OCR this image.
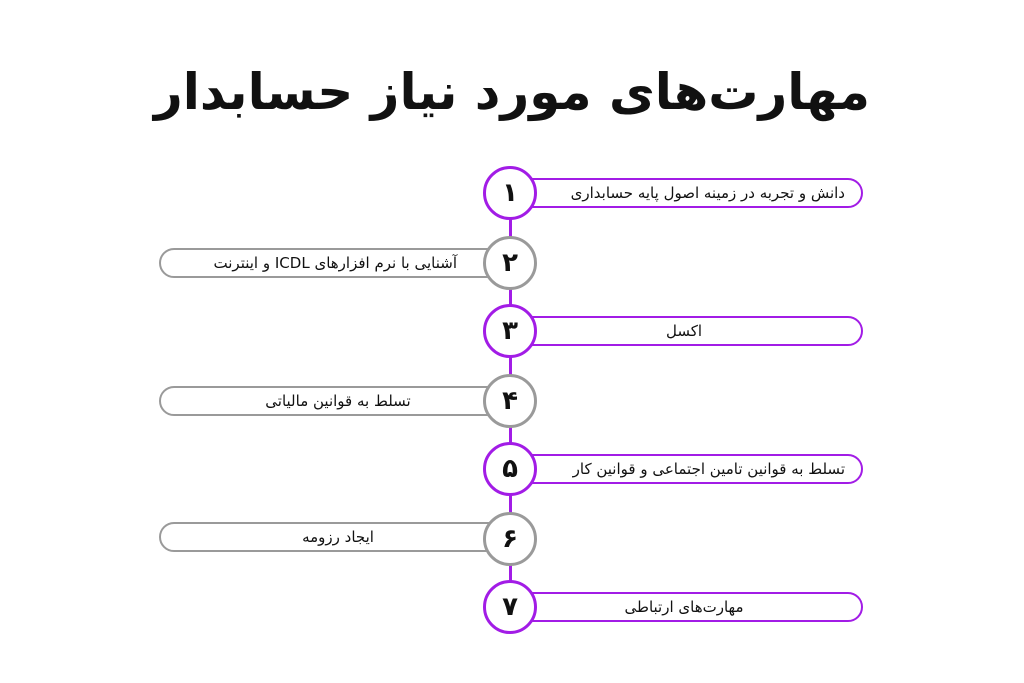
مهارت‌های مورد نیاز حسابدار
دانش و تجربه در زمینه اصول پایه حسابداری
۱
آشنایی با نرم افزارهای ICDL و اینترنت	۲
اکسل
۳
تسلط به قوانین مالیاتی	۴
تسلط به قوانین تامین اجتماعی و قوانین کار
۵
ایجاد رزومه	۶
مهارت‌های ارتباطی
۷
